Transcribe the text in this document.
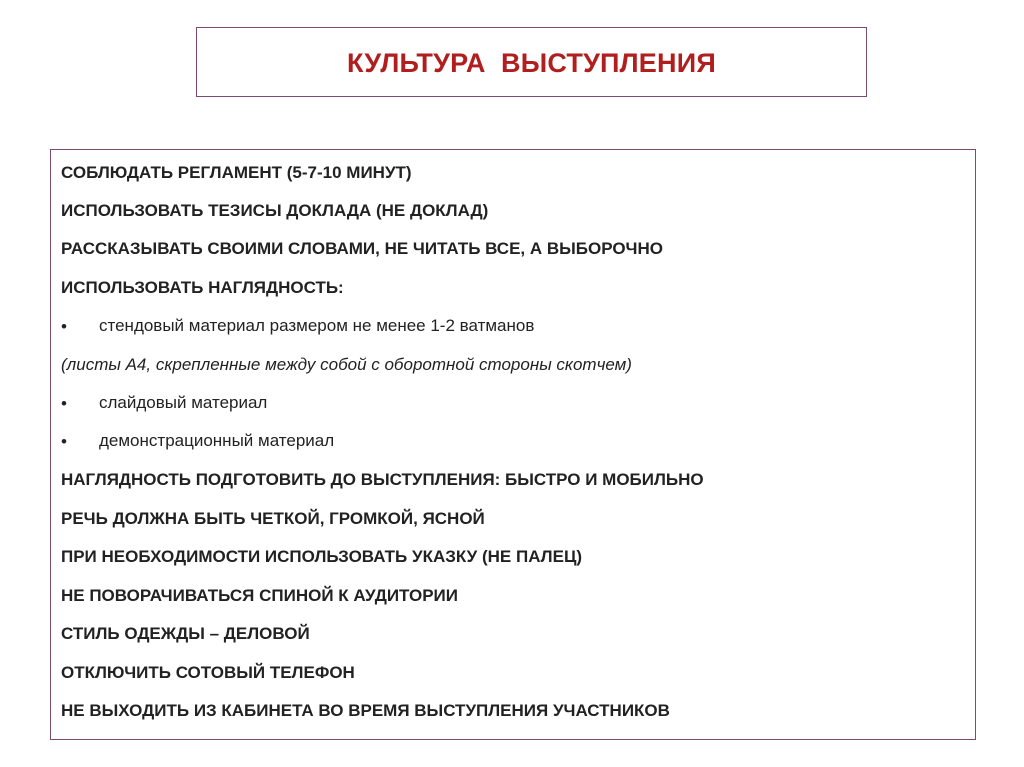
КУЛЬТУРА  ВЫСТУПЛЕНИЯ
СОБЛЮДАТЬ РЕГЛАМЕНТ (5-7-10 МИНУТ)
ИСПОЛЬЗОВАТЬ ТЕЗИСЫ ДОКЛАДА (НЕ ДОКЛАД)
РАССКАЗЫВАТЬ СВОИМИ СЛОВАМИ, НЕ ЧИТАТЬ ВСЕ, А ВЫБОРОЧНО
ИСПОЛЬЗОВАТЬ НАГЛЯДНОСТЬ:
• стендовый материал размером не менее 1-2 ватманов
(листы А4, скрепленные между собой с оборотной стороны скотчем)
• слайдовый материал
• демонстрационный материал
НАГЛЯДНОСТЬ ПОДГОТОВИТЬ ДО ВЫСТУПЛЕНИЯ: БЫСТРО И МОБИЛЬНО
РЕЧЬ ДОЛЖНА БЫТЬ ЧЕТКОЙ, ГРОМКОЙ, ЯСНОЙ
ПРИ НЕОБХОДИМОСТИ ИСПОЛЬЗОВАТЬ УКАЗКУ (НЕ ПАЛЕЦ)
НЕ ПОВОРАЧИВАТЬСЯ СПИНОЙ К АУДИТОРИИ
СТИЛЬ ОДЕЖДЫ – ДЕЛОВОЙ
ОТКЛЮЧИТЬ СОТОВЫЙ ТЕЛЕФОН
НЕ ВЫХОДИТЬ ИЗ КАБИНЕТА ВО ВРЕМЯ ВЫСТУПЛЕНИЯ УЧАСТНИКОВ
